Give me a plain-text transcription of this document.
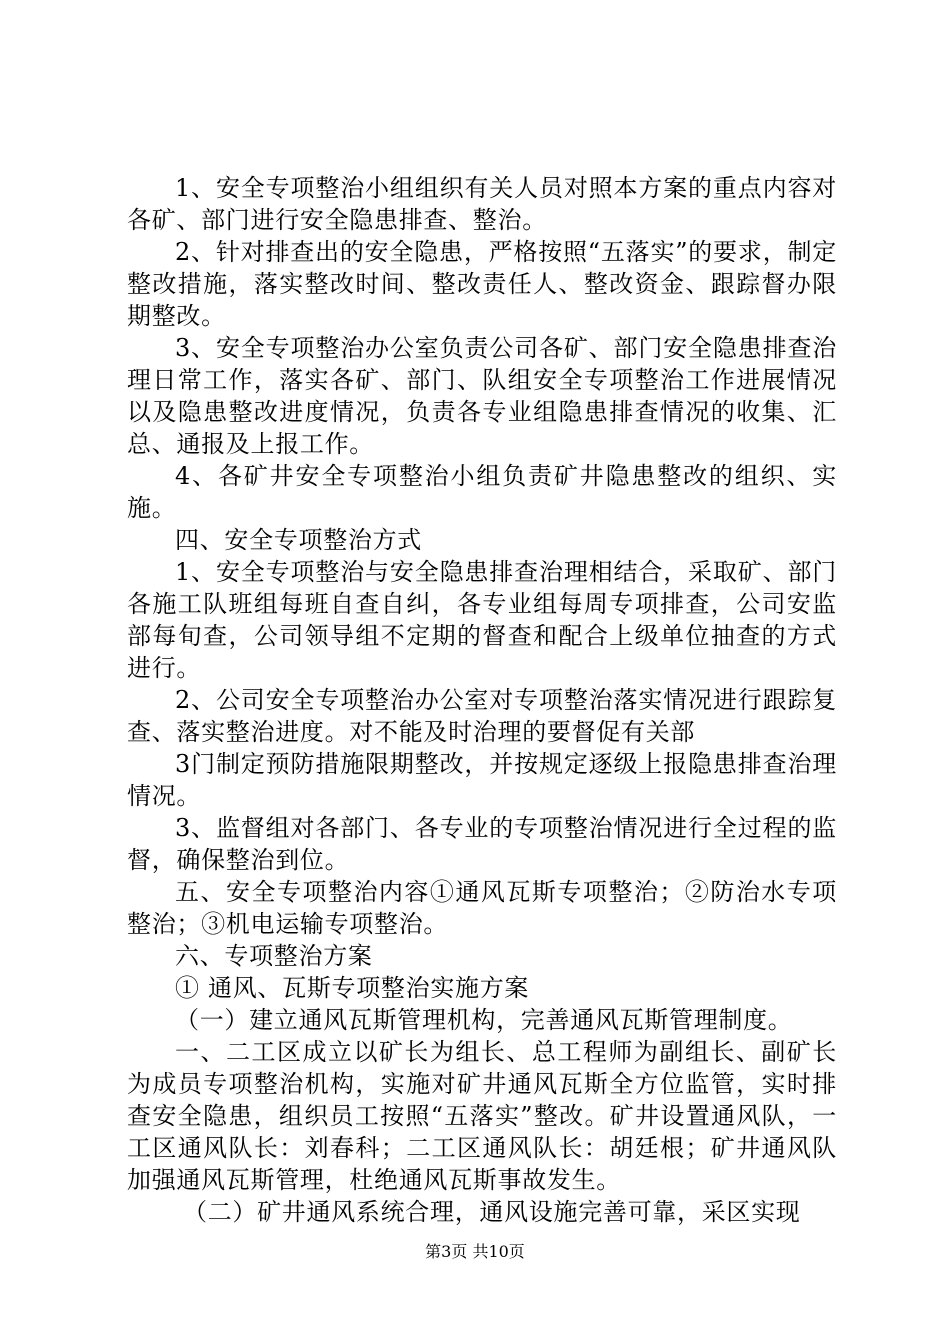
1、安全专项整治小组组织有关人员对照本方案的重点内容对各矿、部门进行安全隐患排查、整治。

2、针对排查出的安全隐患，严格按照“五落实”的要求，制定整改措施，落实整改时间、整改责任人、整改资金、跟踪督办限期整改。

3、安全专项整治办公室负责公司各矿、部门安全隐患排查治理日常工作，落实各矿、部门、队组安全专项整治工作进展情况以及隐患整改进度情况，负责各专业组隐患排查情况的收集、汇总、通报及上报工作。

4、各矿井安全专项整治小组负责矿井隐患整改的组织、实施。

四、安全专项整治方式

1、安全专项整治与安全隐患排查治理相结合，采取矿、部门各施工队班组每班自查自纠，各专业组每周专项排查，公司安监部每旬查，公司领导组不定期的督查和配合上级单位抽查的方式进行。

2、公司安全专项整治办公室对专项整治落实情况进行跟踪复查、落实整治进度。对不能及时治理的要督促有关部

3门制定预防措施限期整改，并按规定逐级上报隐患排查治理情况。

3、监督组对各部门、各专业的专项整治情况进行全过程的监督，确保整治到位。

五、安全专项整治内容①通风瓦斯专项整治；②防治水专项整治；③机电运输专项整治。

六、专项整治方案

① 通风、瓦斯专项整治实施方案

（一）建立通风瓦斯管理机构，完善通风瓦斯管理制度。

一、二工区成立以矿长为组长、总工程师为副组长、副矿长为成员专项整治机构，实施对矿井通风瓦斯全方位监管，实时排查安全隐患，组织员工按照“五落实”整改。矿井设置通风队，一工区通风队长：刘春科；二工区通风队长：胡廷根；矿井通风队加强通风瓦斯管理，杜绝通风瓦斯事故发生。

（二）矿井通风系统合理，通风设施完善可靠，采区实现

第3页 共10页
